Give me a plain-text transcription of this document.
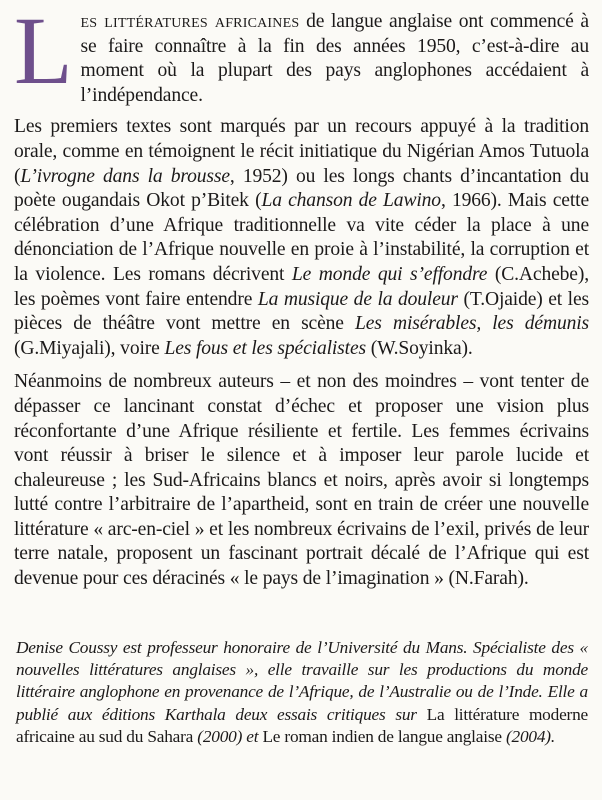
Les littératures africaines de langue anglaise ont commencé à se faire connaître à la fin des années 1950, c’est-à-dire au moment où la plupart des pays anglophones accédaient à l’indépendance.

Les premiers textes sont marqués par un recours appuyé à la tradition orale, comme en témoignent le récit initiatique du Nigérian Amos Tutuola (L’ivrogne dans la brousse, 1952) ou les longs chants d’incantation du poète ougandais Okot p’Bitek (La chanson de Lawino, 1966). Mais cette célébration d’une Afrique traditionnelle va vite céder la place à une dénonciation de l’Afrique nouvelle en proie à l’instabilité, la corruption et la violence. Les romans décrivent Le monde qui s’effondre (C.Achebe), les poèmes vont faire entendre La musique de la douleur (T.Ojaide) et les pièces de théâtre vont mettre en scène Les misérables, les démunis (G.Miyajali), voire Les fous et les spécialistes (W.Soyinka).

Néanmoins de nombreux auteurs – et non des moindres – vont tenter de dépasser ce lancinant constat d’échec et proposer une vision plus réconfortante d’une Afrique résiliente et fertile. Les femmes écrivains vont réussir à briser le silence et à imposer leur parole lucide et chaleureuse ; les Sud-Africains blancs et noirs, après avoir si longtemps lutté contre l’arbitraire de l’apartheid, sont en train de créer une nouvelle littérature « arc-en-ciel » et les nombreux écrivains de l’exil, privés de leur terre natale, proposent un fascinant portrait décalé de l’Afrique qui est devenue pour ces déracinés « le pays de l’imagination » (N.Farah).

Denise Coussy est professeur honoraire de l’Université du Mans. Spécialiste des « nouvelles littératures anglaises », elle travaille sur les productions du monde littéraire anglophone en provenance de l’Afrique, de l’Australie ou de l’Inde. Elle a publié aux éditions Karthala deux essais critiques sur La littérature moderne africaine au sud du Sahara (2000) et Le roman indien de langue anglaise (2004).
